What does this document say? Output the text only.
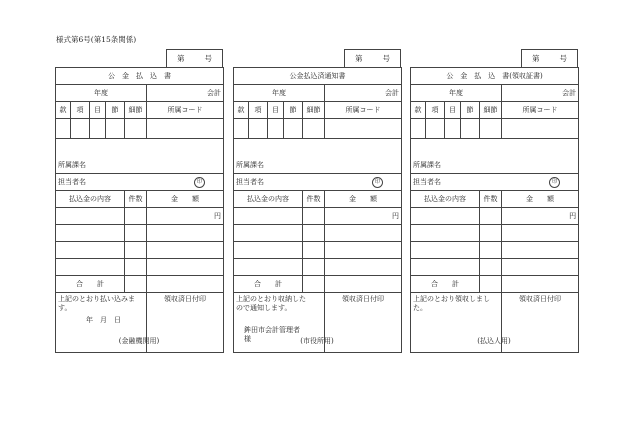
様式第6号(第15条関係)
第	号
公　金　払　込　書					
年度					会計
款	項	目	節	細節	所属コード

所属課名					
担当者名			印		
払込金の内容				件数	金　　額
					円

合　　計					

上記のとおり払い込みま
す。
年　月　日					領収済日付印
(金融機関用)
第	号
公金払込済通知書					
年度					会計
款	項	目	節	細節	所属コード

所属課名					
担当者名			印		
払込金の内容				件数	金　　額
					円

合　　計					

上記のとおり収納した
ので通知します。
鉾田市会計管理者
様					領収済日付印
(市役所用)
第	号
公　金　払　込　書(領収証書)					
年度					会計
款	項	目	節	細節	所属コード

所属課名					
担当者名			印		
払込金の内容				件数	金　　額
					円

合　　計					

上記のとおり領収しまし
た。					領収済日付印
(払込人用)
